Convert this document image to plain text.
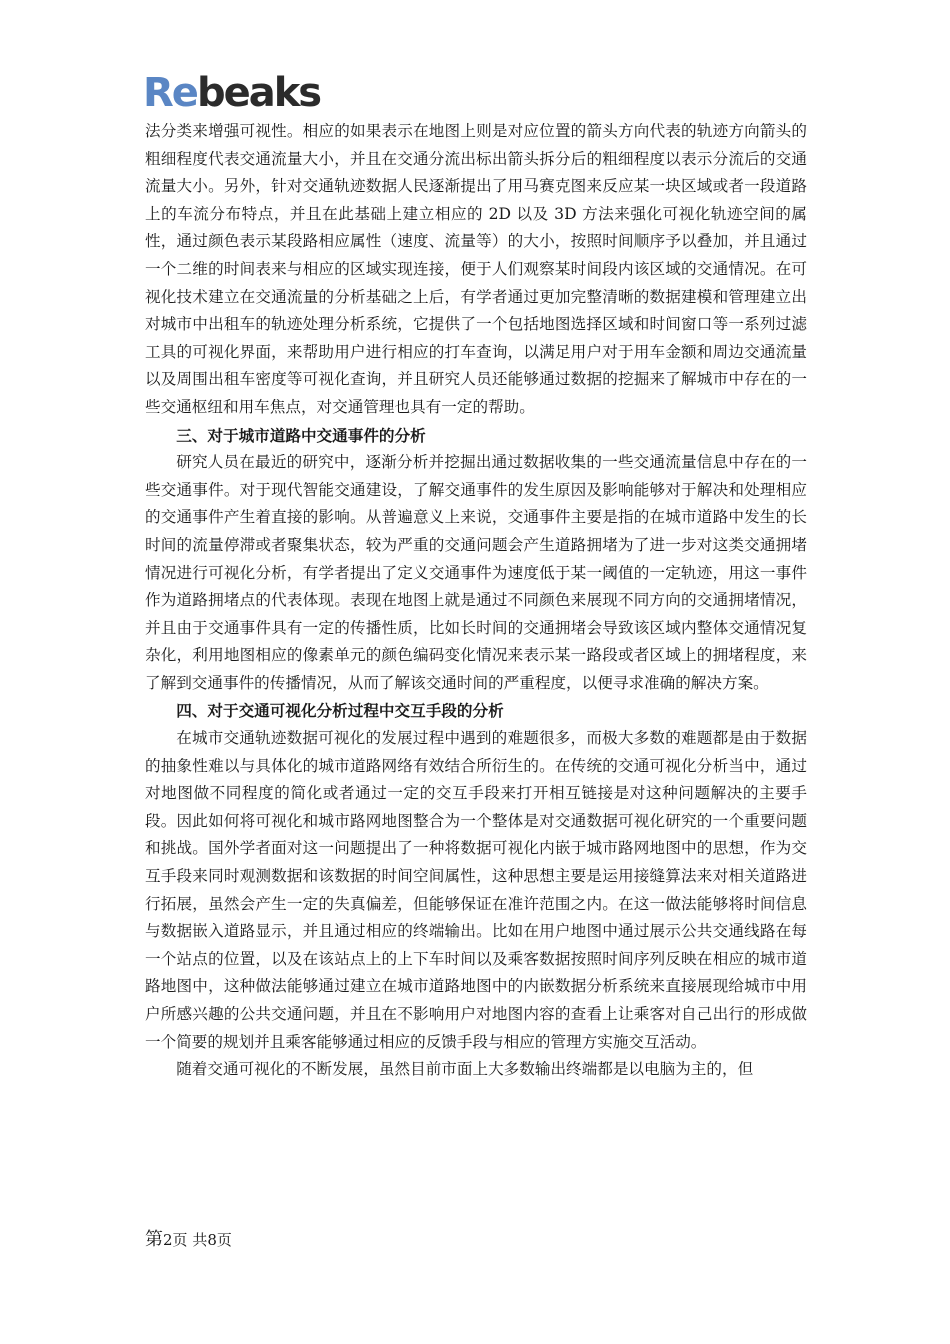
Re beaks

法分类来增强可视性。相应的如果表示在地图上则是对应位置的箭头方向代表的轨迹方向箭头的粗细程度代表交通流量大小，并且在交通分流出标出箭头拆分后的粗细程度以表示分流后的交通流量大小。另外，针对交通轨迹数据人民逐渐提出了用马赛克图来反应某一块区域或者一段道路上的车流分布特点，并且在此基础上建立相应的 2D 以及 3D 方法来强化可视化轨迹空间的属性，通过颜色表示某段路相应属性（速度、流量等）的大小，按照时间顺序予以叠加，并且通过一个二维的时间表来与相应的区域实现连接，便于人们观察某时间段内该区域的交通情况。在可视化技术建立在交通流量的分析基础之上后，有学者通过更加完整清晰的数据建模和管理建立出对城市中出租车的轨迹处理分析系统，它提供了一个包括地图选择区域和时间窗口等一系列过滤工具的可视化界面，来帮助用户进行相应的打车查询，以满足用户对于用车金额和周边交通流量以及周围出租车密度等可视化查询，并且研究人员还能够通过数据的挖掘来了解城市中存在的一些交通枢纽和用车焦点，对交通管理也具有一定的帮助。

三、对于城市道路中交通事件的分析

研究人员在最近的研究中，逐渐分析并挖掘出通过数据收集的一些交通流量信息中存在的一些交通事件。对于现代智能交通建设，了解交通事件的发生原因及影响能够对于解决和处理相应的交通事件产生着直接的影响。从普遍意义上来说，交通事件主要是指的在城市道路中发生的长时间的流量停滞或者聚集状态，较为严重的交通问题会产生道路拥堵为了进一步对这类交通拥堵情况进行可视化分析，有学者提出了定义交通事件为速度低于某一阈值的一定轨迹，用这一事件作为道路拥堵点的代表体现。表现在地图上就是通过不同颜色来展现不同方向的交通拥堵情况，并且由于交通事件具有一定的传播性质，比如长时间的交通拥堵会导致该区域内整体交通情况复杂化，利用地图相应的像素单元的颜色编码变化情况来表示某一路段或者区域上的拥堵程度，来了解到交通事件的传播情况，从而了解该交通时间的严重程度，以便寻求准确的解决方案。

四、对于交通可视化分析过程中交互手段的分析

在城市交通轨迹数据可视化的发展过程中遇到的难题很多，而极大多数的难题都是由于数据的抽象性难以与具体化的城市道路网络有效结合所衍生的。在传统的交通可视化分析当中，通过对地图做不同程度的简化或者通过一定的交互手段来打开相互链接是对这种问题解决的主要手段。因此如何将可视化和城市路网地图整合为一个整体是对交通数据可视化研究的一个重要问题和挑战。国外学者面对这一问题提出了一种将数据可视化内嵌于城市路网地图中的思想，作为交互手段来同时观测数据和该数据的时间空间属性，这种思想主要是运用接缝算法来对相关道路进行拓展，虽然会产生一定的失真偏差，但能够保证在准许范围之内。在这一做法能够将时间信息与数据嵌入道路显示，并且通过相应的终端输出。比如在用户地图中通过展示公共交通线路在每一个站点的位置，以及在该站点上的上下车时间以及乘客数据按照时间序列反映在相应的城市道路地图中，这种做法能够通过建立在城市道路地图中的内嵌数据分析系统来直接展现给城市中用户所感兴趣的公共交通问题，并且在不影响用户对地图内容的查看上让乘客对自己出行的形成做一个简要的规划并且乘客能够通过相应的反馈手段与相应的管理方实施交互活动。

随着交通可视化的不断发展，虽然目前市面上大多数输出终端都是以电脑为主的，但

第2页 共8页
